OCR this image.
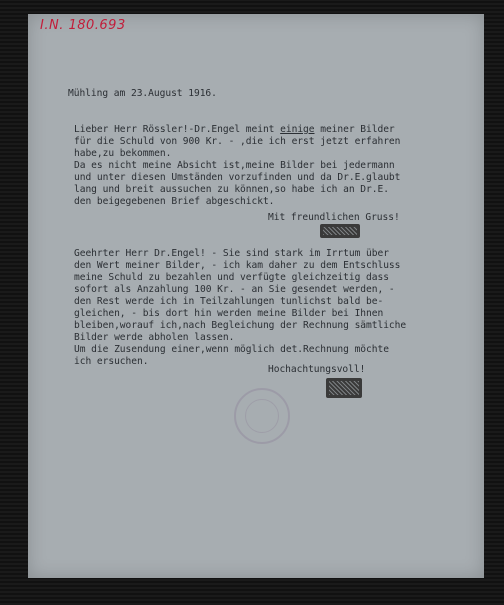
I.N. 180.693
Mühling am 23.August 1916.
Lieber Herr Rössler!-Dr.Engel meint einige meiner Bilder
für die Schuld von 900 Kr. - ,die ich erst jetzt erfahren
habe,zu bekommen.
Da es nicht meine Absicht ist,meine Bilder bei jedermann
und unter diesen Umständen vorzufinden und da Dr.E.glaubt
lang und breit aussuchen zu können,so habe ich an Dr.E.
den beigegebenen Brief abgeschickt.
Mit freundlichen Gruss!
Geehrter Herr Dr.Engel! - Sie sind stark im Irrtum über
den Wert meiner Bilder, - ich kam daher zu dem Entschluss
meine Schuld zu bezahlen und verfügte gleichzeitig dass
sofort als Anzahlung 100 Kr. - an Sie gesendet werden, -
den Rest werde ich in Teilzahlungen tunlichst bald be-
gleichen, - bis dort hin werden meine Bilder bei Ihnen
bleiben,worauf ich,nach Begleichung der Rechnung sämtliche
Bilder werde abholen lassen.
Um die Zusendung einer,wenn möglich det.Rechnung möchte
ich ersuchen.
Hochachtungsvoll!
